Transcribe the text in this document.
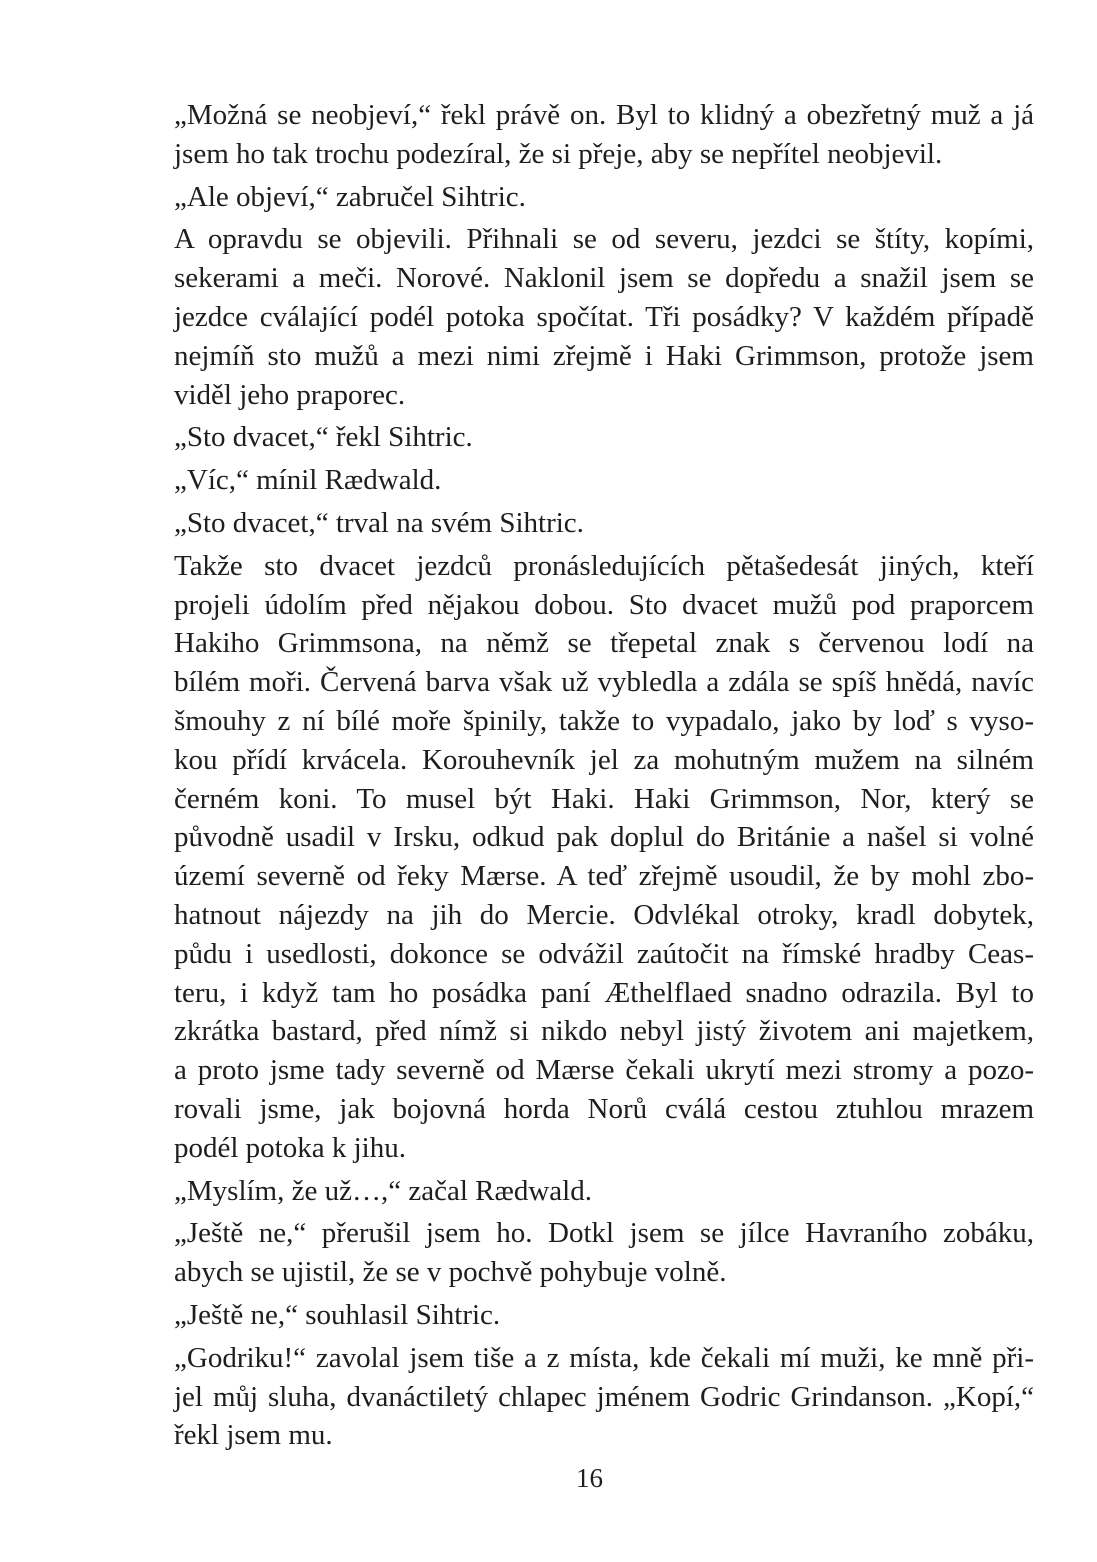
„Možná se neobjeví,“ řekl právě on. Byl to klidný a obezřetný muž a já
jsem ho tak trochu podezíral, že si přeje, aby se nepřítel neobjevil.

„Ale objeví,“ zabručel Sihtric.

A opravdu se objevili. Přihnali se od severu, jezdci se štíty, kopími,
sekerami a meči. Norové. Naklonil jsem se dopředu a snažil jsem se
jezdce cválající podél potoka spočítat. Tři posádky? V každém případě
nejmíň sto mužů a mezi nimi zřejmě i Haki Grimmson, protože jsem
viděl jeho praporec.

„Sto dvacet,“ řekl Sihtric.

„Víc,“ mínil Rædwald.

„Sto dvacet,“ trval na svém Sihtric.

Takže sto dvacet jezdců pronásledujících pětašedesát jiných, kteří
projeli údolím před nějakou dobou. Sto dvacet mužů pod praporcem
Hakiho Grimmsona, na němž se třepetal znak s červenou lodí na
bílém moři. Červená barva však už vybledla a zdála se spíš hnědá, navíc
šmouhy z ní bílé moře špinily, takže to vypadalo, jako by loď s vyso-
kou přídí krvácela. Korouhevník jel za mohutným mužem na silném
černém koni. To musel být Haki. Haki Grimmson, Nor, který se
původně usadil v Irsku, odkud pak doplul do Británie a našel si volné
území severně od řeky Mærse. A teď zřejmě usoudil, že by mohl zbo-
hatnout nájezdy na jih do Mercie. Odvlékal otroky, kradl dobytek,
půdu i usedlosti, dokonce se odvážil zaútočit na římské hradby Ceas-
teru, i když tam ho posádka paní Æthelflaed snadno odrazila. Byl to
zkrátka bastard, před nímž si nikdo nebyl jistý životem ani majetkem,
a proto jsme tady severně od Mærse čekali ukrytí mezi stromy a pozo-
rovali jsme, jak bojovná horda Norů cválá cestou ztuhlou mrazem
podél potoka k jihu.

„Myslím, že už…,“ začal Rædwald.

„Ještě ne,“ přerušil jsem ho. Dotkl jsem se jílce Havraního zobáku,
abych se ujistil, že se v pochvě pohybuje volně.

„Ještě ne,“ souhlasil Sihtric.

„Godriku!“ zavolal jsem tiše a z místa, kde čekali mí muži, ke mně při-
jel můj sluha, dvanáctiletý chlapec jménem Godric Grindanson. „Kopí,“
řekl jsem mu.

16
